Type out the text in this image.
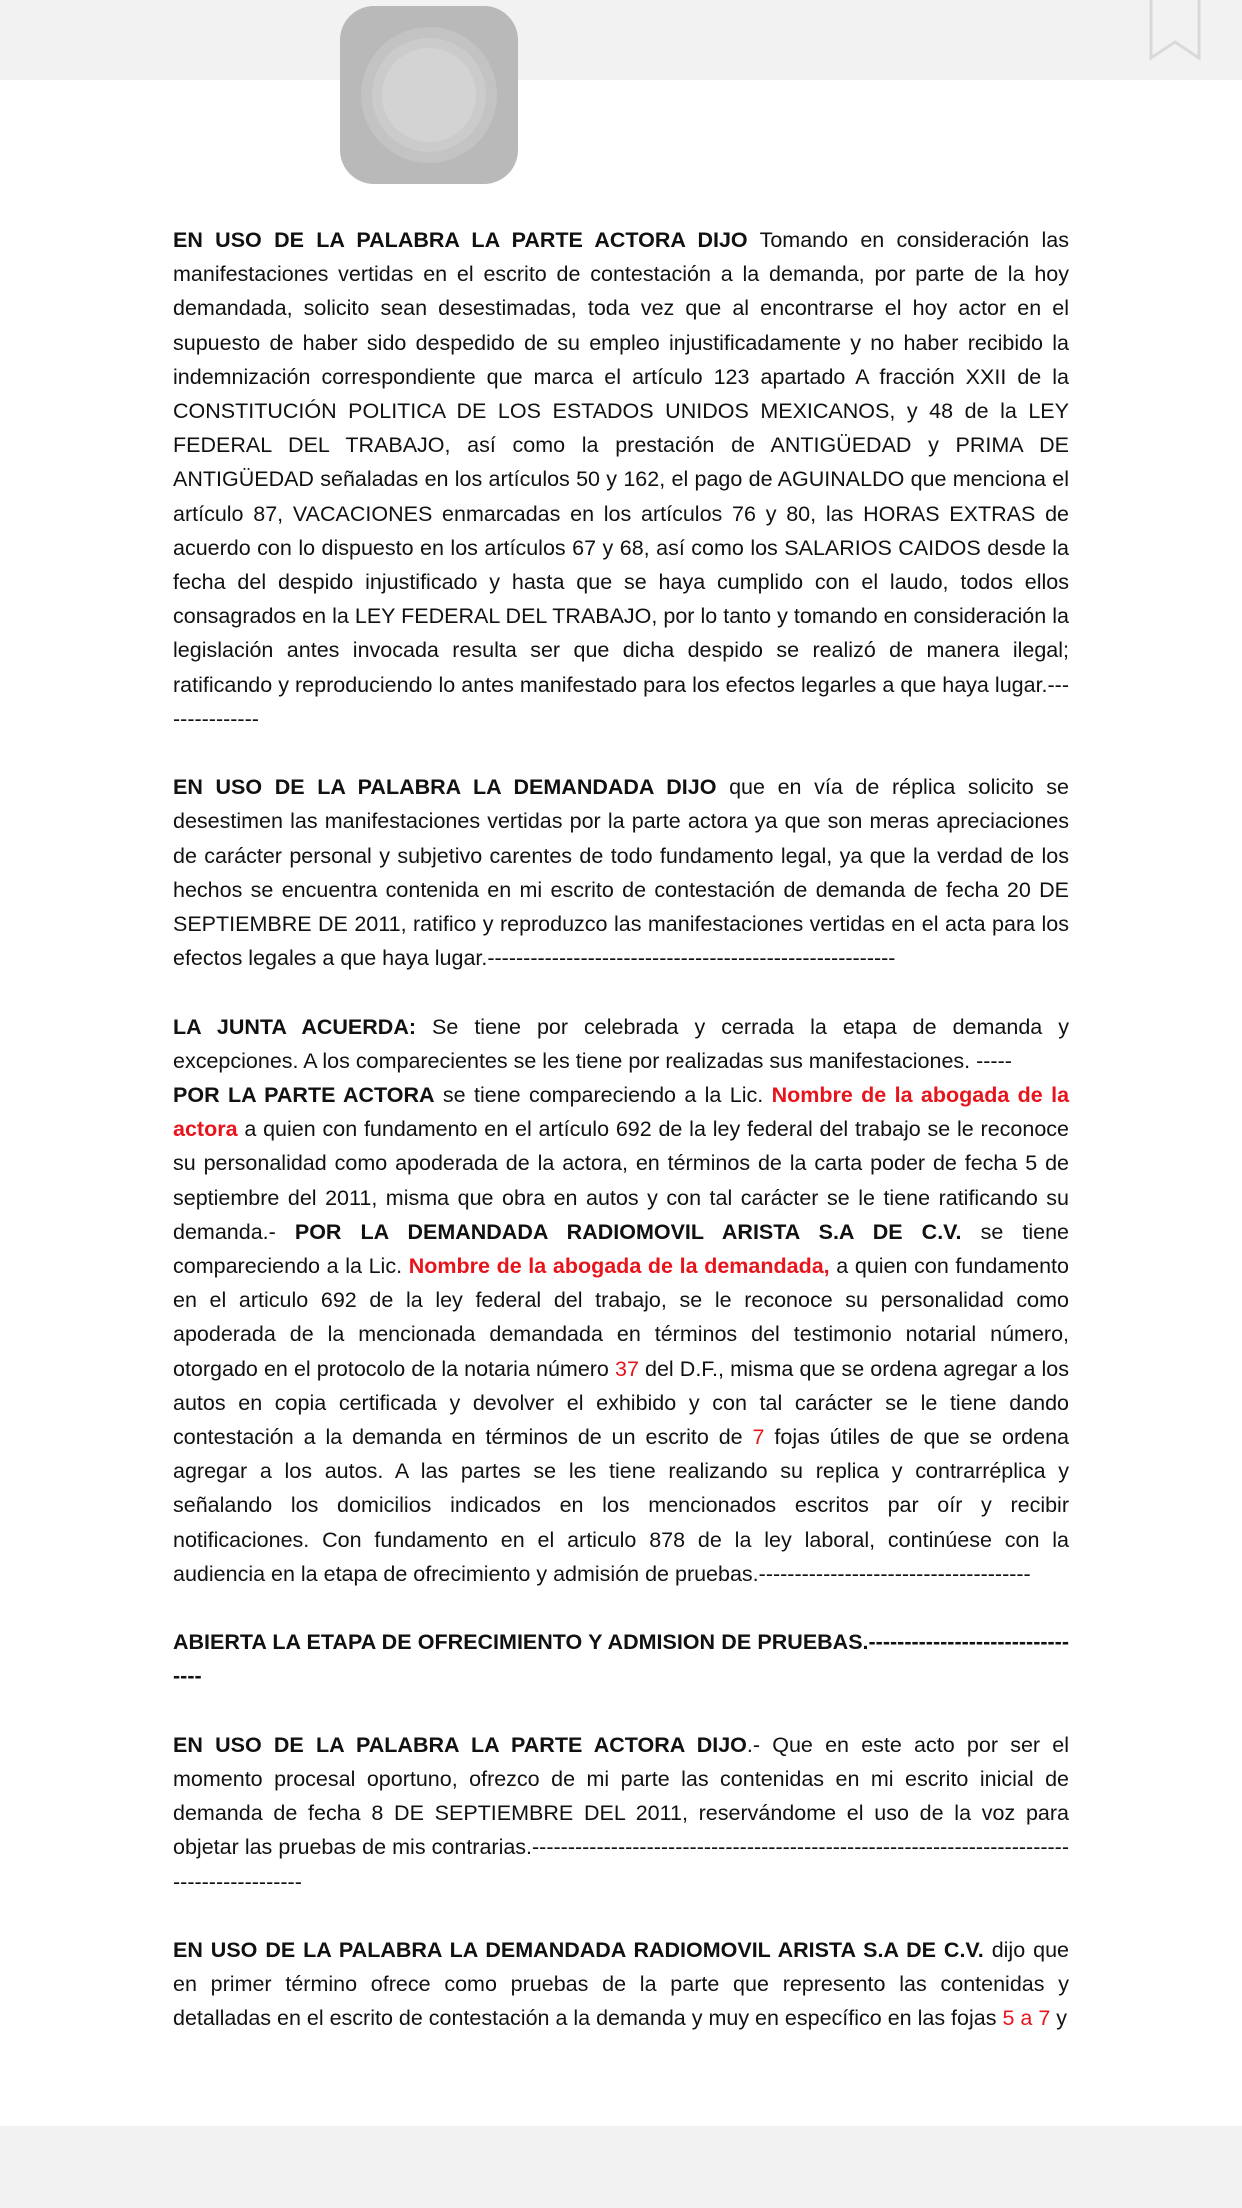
EN USO DE LA PALABRA LA PARTE ACTORA DIJO Tomando en consideración las manifestaciones vertidas en el escrito de contestación a la demanda, por parte de la hoy demandada, solicito sean desestimadas, toda vez que al encontrarse el hoy actor en el supuesto de haber sido despedido de su empleo injustificadamente y no haber recibido la indemnización correspondiente que marca el artículo 123 apartado A fracción XXII de la CONSTITUCIÓN POLITICA DE LOS ESTADOS UNIDOS MEXICANOS, y 48 de la LEY FEDERAL DEL TRABAJO, así como la prestación de ANTIGÜEDAD y PRIMA DE ANTIGÜEDAD señaladas en los artículos 50 y 162, el pago de AGUINALDO que menciona el artículo 87, VACACIONES enmarcadas en los artículos 76 y 80, las HORAS EXTRAS de acuerdo con lo dispuesto en los artículos 67 y 68, así como los SALARIOS CAIDOS desde la fecha del despido injustificado y hasta que se haya cumplido con el laudo, todos ellos consagrados en la LEY FEDERAL DEL TRABAJO, por lo tanto y tomando en consideración la legislación antes invocada resulta ser que dicha despido se realizó de manera ilegal; ratificando y reproduciendo lo antes manifestado para los efectos legarles a que haya lugar.---------------

EN USO DE LA PALABRA LA DEMANDADA DIJO que en vía de réplica solicito se desestimen las manifestaciones vertidas por la parte actora ya que son meras apreciaciones de carácter personal y subjetivo carentes de todo fundamento legal, ya que la verdad de los hechos se encuentra contenida en mi escrito de contestación de demanda de fecha 20 DE SEPTIEMBRE DE 2011, ratifico y reproduzco las manifestaciones vertidas en el acta para los efectos legales a que haya lugar.---------------------------------------------------------

LA JUNTA ACUERDA: Se tiene por celebrada y cerrada la etapa de demanda y excepciones. A los comparecientes se les tiene por realizadas sus manifestaciones. -----

POR LA PARTE ACTORA se tiene compareciendo a la Lic. Nombre de la abogada de la actora a quien con fundamento en el artículo 692 de la ley federal del trabajo se le reconoce su personalidad como apoderada de la actora, en términos de la carta poder de fecha 5 de septiembre del 2011, misma que obra en autos y con tal carácter se le tiene ratificando su demanda.- POR LA DEMANDADA RADIOMOVIL ARISTA S.A DE C.V. se tiene compareciendo a la Lic. Nombre de la abogada de la demandada, a quien con fundamento en el articulo 692 de la ley federal del trabajo, se le reconoce su personalidad como apoderada de la mencionada demandada en términos del testimonio notarial número, otorgado en el protocolo de la notaria número 37 del D.F., misma que se ordena agregar a los autos en copia certificada y devolver el exhibido y con tal carácter se le tiene dando contestación a la demanda en términos de un escrito de 7 fojas útiles de que se ordena agregar a los autos. A las partes se les tiene realizando su replica y contrarréplica y señalando los domicilios indicados en los mencionados escritos par oír y recibir notificaciones. Con fundamento en el articulo 878 de la ley laboral, continúese con la audiencia en la etapa de ofrecimiento y admisión de pruebas.--------------------------------------

ABIERTA LA ETAPA DE OFRECIMIENTO Y ADMISION DE PRUEBAS.--------------------------------

EN USO DE LA PALABRA LA PARTE ACTORA DIJO.- Que en este acto por ser el momento procesal oportuno, ofrezco de mi parte las contenidas en mi escrito inicial de demanda de fecha 8 DE SEPTIEMBRE DEL 2011, reservándome el uso de la voz para objetar las pruebas de mis contrarias.---------------------------------------------------------------------------------------------

EN USO DE LA PALABRA LA DEMANDADA RADIOMOVIL ARISTA S.A DE C.V. dijo que en primer término ofrece como pruebas de la parte que represento las contenidas y detalladas en el escrito de contestación a la demanda y muy en específico en las fojas 5 a 7 y
